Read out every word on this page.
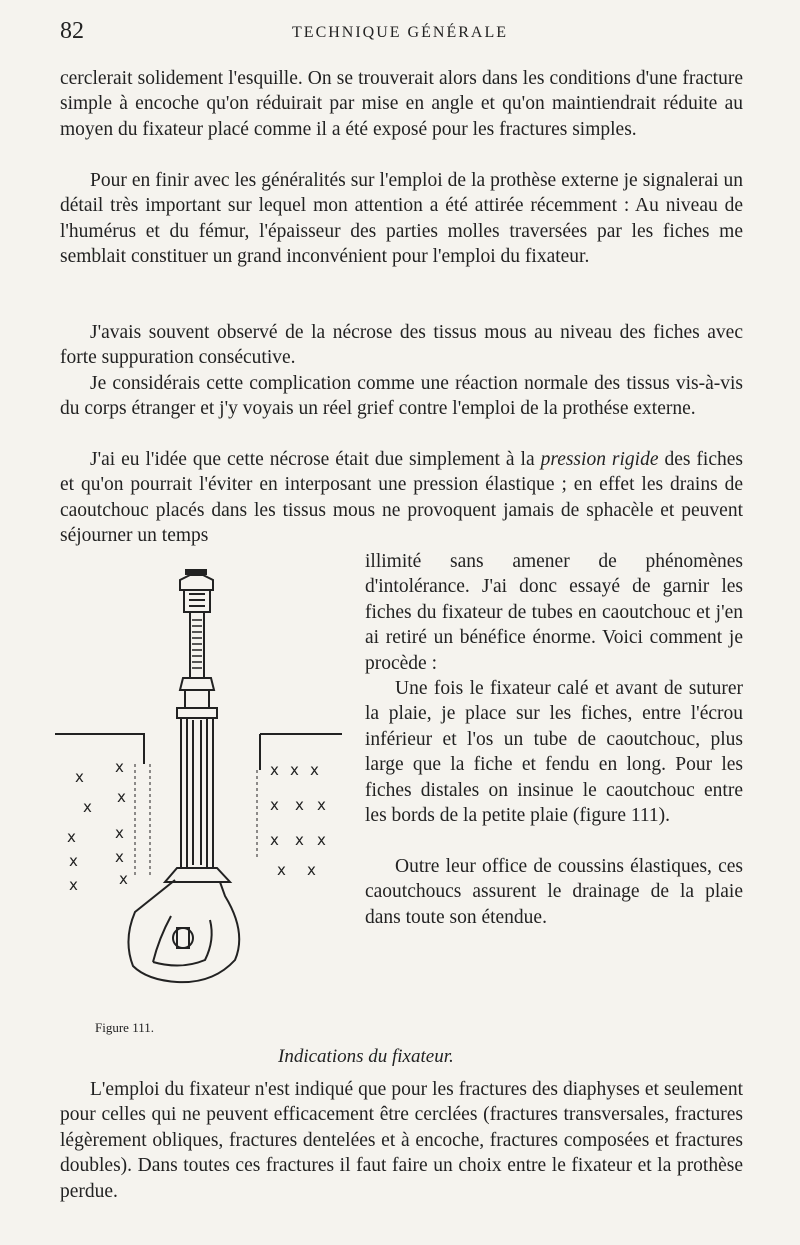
82	TECHNIQUE GÉNÉRALE
cerclerait solidement l'esquille. On se trouverait alors dans les conditions d'une fracture simple à encoche qu'on réduirait par mise en angle et qu'on maintiendrait réduite au moyen du fixateur placé comme il a été exposé pour les fractures simples.
Pour en finir avec les généralités sur l'emploi de la prothèse externe je signalerai un détail très important sur lequel mon attention a été attirée récemment : Au niveau de l'humérus et du fémur, l'épaisseur des parties molles traversées par les fiches me semblait constituer un grand inconvénient pour l'emploi du fixateur.
J'avais souvent observé de la nécrose des tissus mous au niveau des fiches avec forte suppuration consécutive.
Je considérais cette complication comme une réaction normale des tissus vis-à-vis du corps étranger et j'y voyais un réel grief contre l'emploi de la prothése externe.
J'ai eu l'idée que cette nécrose était due simplement à la pression rigide des fiches et qu'on pourrait l'éviter en interposant une pression élastique ; en effet les drains de caoutchouc placés dans les tissus mous ne provoquent jamais de sphacèle et peuvent séjourner un temps
illimité sans amener de phénomènes d'intolérance. J'ai donc essayé de garnir les fiches du fixateur de tubes en caoutchouc et j'en ai retiré un bénéfice énorme. Voici comment je procède :
Une fois le fixateur calé et avant de suturer la plaie, je place sur les fiches, entre l'écrou inférieur et l'os un tube de caoutchouc, plus large que la fiche et fendu en long. Pour les fiches distales on insinue le caoutchouc entre les bords de la petite plaie (figure 111).
Outre leur office de coussins élastiques, ces caoutchoucs assurent le drainage de la plaie dans toute son étendue.
x
x
x
x
x	x
x x
x	x
x x x
x x x
x x x
x x
Figure 111.
Indications du fixateur.
L'emploi du fixateur n'est indiqué que pour les fractures des diaphyses et seulement pour celles qui ne peuvent efficacement être cerclées (fractures transversales, fractures légèrement obliques, fractures dentelées et à encoche, fractures composées et fractures doubles). Dans toutes ces fractures il faut faire un choix entre le fixateur et la prothèse perdue.
